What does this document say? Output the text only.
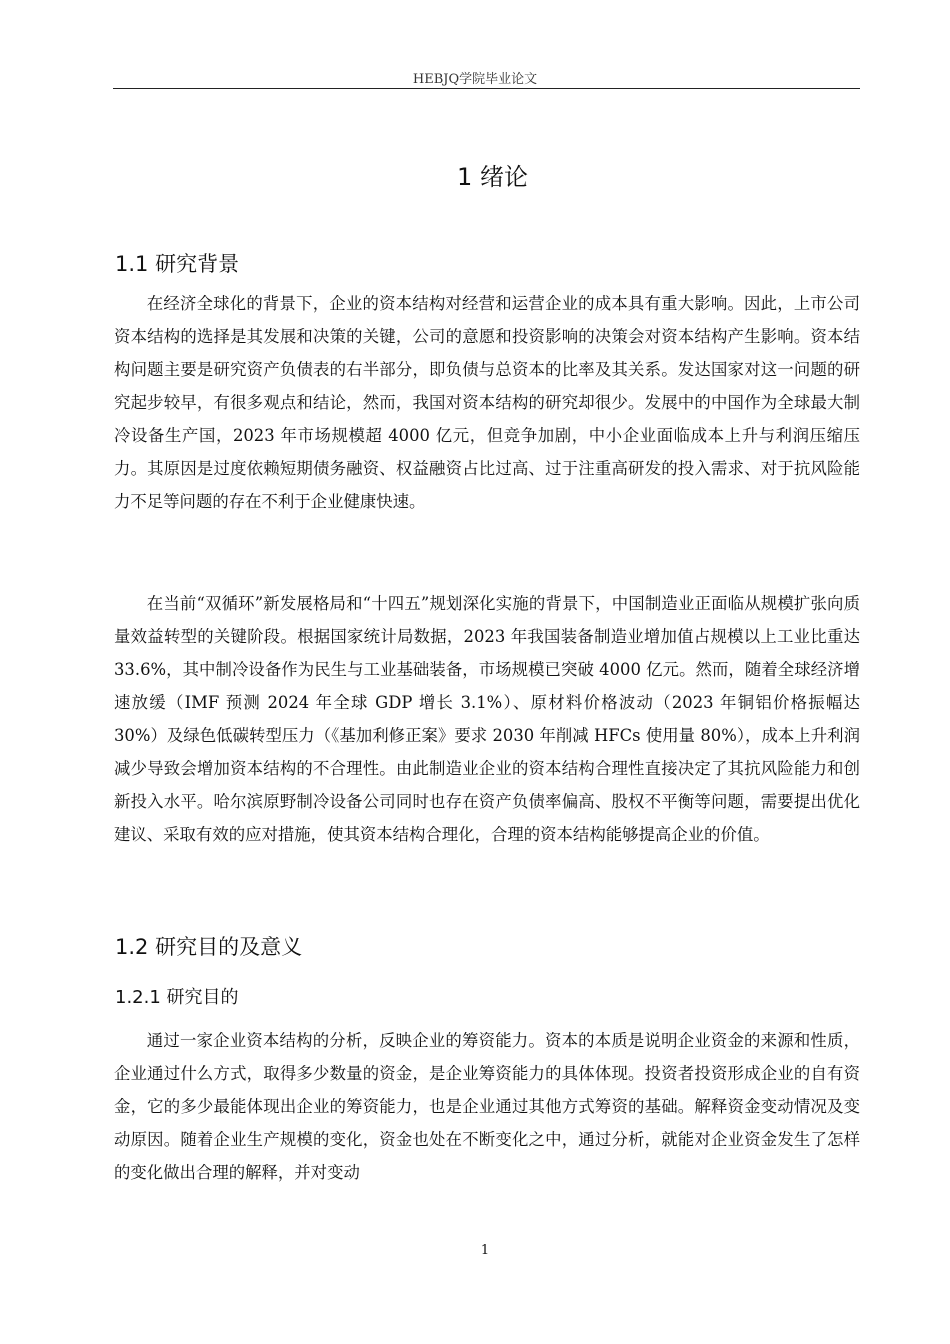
HEBJQ学院毕业论文
1 绪论
1.1 研究背景

在经济全球化的背景下，企业的资本结构对经营和运营企业的成本具有重大影响。因此，上市公司资本结构的选择是其发展和决策的关键，公司的意愿和投资影响的决策会对资本结构产生影响。资本结构问题主要是研究资产负债表的右半部分，即负债与总资本的比率及其关系。发达国家对这一问题的研究起步较早，有很多观点和结论，然而，我国对资本结构的研究却很少。发展中的中国作为全球最大制冷设备生产国，2023 年市场规模超 4000 亿元，但竞争加剧，中小企业面临成本上升与利润压缩压力。其原因是过度依赖短期债务融资、权益融资占比过高、过于注重高研发的投入需求、对于抗风险能力不足等问题的存在不利于企业健康快速。

在当前“双循环”新发展格局和“十四五”规划深化实施的背景下，中国制造业正面临从规模扩张向质量效益转型的关键阶段。根据国家统计局数据，2023 年我国装备制造业增加值占规模以上工业比重达 33.6%，其中制冷设备作为民生与工业基础装备，市场规模已突破 4000 亿元。然而，随着全球经济增速放缓（IMF 预测 2024 年全球 GDP 增长 3.1%）、原材料价格波动（2023 年铜铝价格振幅达 30%）及绿色低碳转型压力（《基加利修正案》要求 2030 年削减 HFCs 使用量 80%），成本上升利润减少导致会增加资本结构的不合理性。由此制造业企业的资本结构合理性直接决定了其抗风险能力和创新投入水平。哈尔滨原野制冷设备公司同时也存在资产负债率偏高、股权不平衡等问题，需要提出优化建议、采取有效的应对措施，使其资本结构合理化，合理的资本结构能够提高企业的价值。

1.2 研究目的及意义
1.2.1 研究目的

通过一家企业资本结构的分析，反映企业的筹资能力。资本的本质是说明企业资金的来源和性质，企业通过什么方式，取得多少数量的资金，是企业筹资能力的具体体现。投资者投资形成企业的自有资金，它的多少最能体现出企业的筹资能力，也是企业通过其他方式筹资的基础。解释资金变动情况及变动原因。随着企业生产规模的变化，资金也处在不断变化之中，通过分析，就能对企业资金发生了怎样的变化做出合理的解释，并对变动

1
